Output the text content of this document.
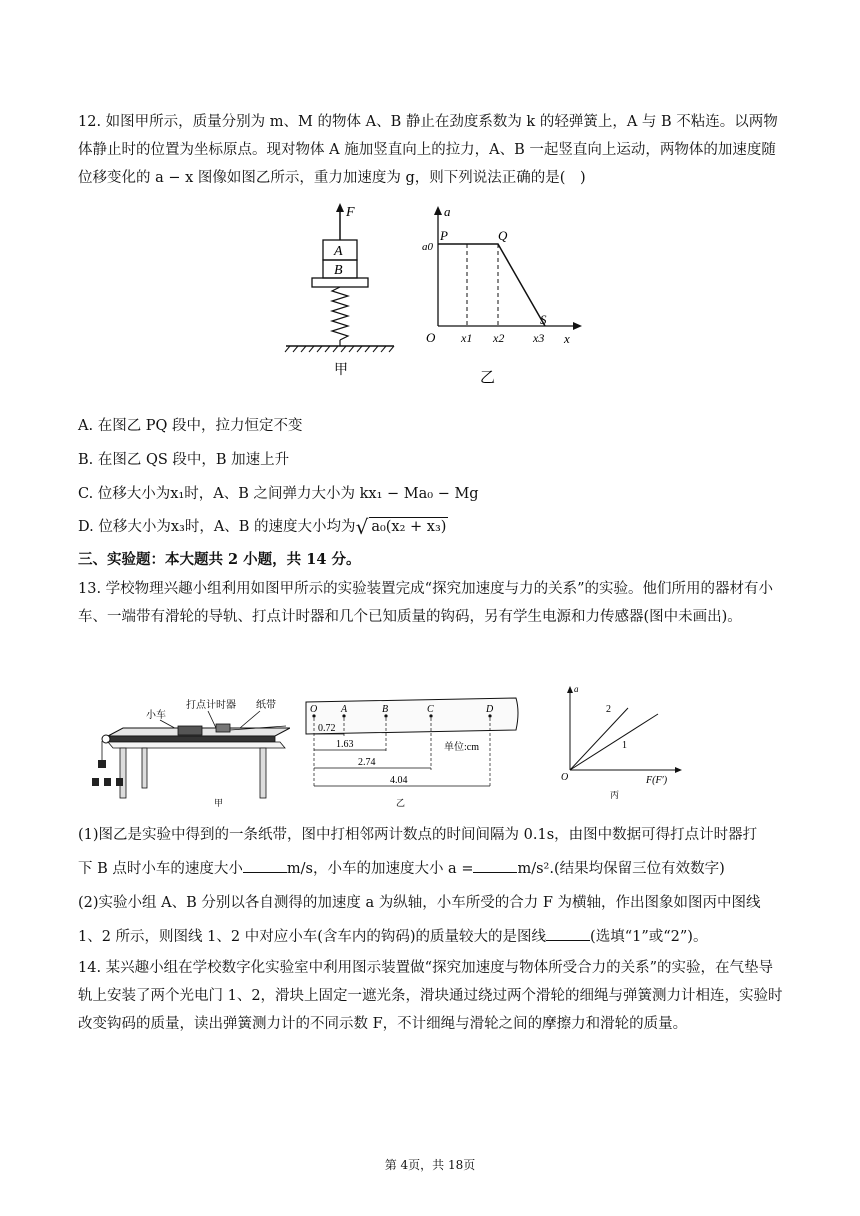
12. 如图甲所示，质量分别为 m、M 的物体 A、B 静止在劲度系数为 k 的轻弹簧上，A 与 B 不粘连。以两物体静止时的位置为坐标原点。现对物体 A 施加竖直向上的拉力，A、B 一起竖直向上运动，两物体的加速度随位移变化的 a − x 图像如图乙所示，重力加速度为 g，则下列说法正确的是(　)

F
A
B
甲
a
a0
P	Q
S
O x1 x2 x3 x
乙
A. 在图乙 PQ 段中，拉力恒定不变
B. 在图乙 QS 段中，B 加速上升
C. 位移大小为x₁时，A、B 之间弹力大小为 kx₁ − Ma₀ − Mg
D. 位移大小为x₃时，A、B 的速度大小均为√ a₀(x₂ + x₃)
三、实验题：本大题共 2 小题，共 14 分。

13. 学校物理兴趣小组利用如图甲所示的实验装置完成“探究加速度与力的关系”的实验。他们所用的器材有小车、一端带有滑轮的导轨、打点计时器和几个已知质量的钩码，另有学生电源和力传感器(图中未画出)。

小车
打点计时器 纸带
甲
O A	B	C	D
0.72
1.63
2.74
4.04
单位:cm
乙
a
2
1
O	F(F′)
丙
(1)图乙是实验中得到的一条纸带，图中打相邻两计数点的时间间隔为 0.1s，由图中数据可得打点计时器打
下 B 点时小车的速度大小	m/s，小车的加速度大小 a =	m/s².(结果均保留三位有效数字)
(2)实验小组 A、B 分别以各自测得的加速度 a 为纵轴，小车所受的合力 F 为横轴，作出图象如图丙中图线
1、2 所示，则图线 1、2 中对应小车(含车内的钩码)的质量较大的是图线	(选填“1”或“2”)。

14. 某兴趣小组在学校数字化实验室中利用图示装置做“探究加速度与物体所受合力的关系”的实验，在气垫导轨上安装了两个光电门 1、2，滑块上固定一遮光条，滑块通过绕过两个滑轮的细绳与弹簧测力计相连，实验时改变钩码的质量，读出弹簧测力计的不同示数 F，不计细绳与滑轮之间的摩擦力和滑轮的质量。

第 4页，共 18页
